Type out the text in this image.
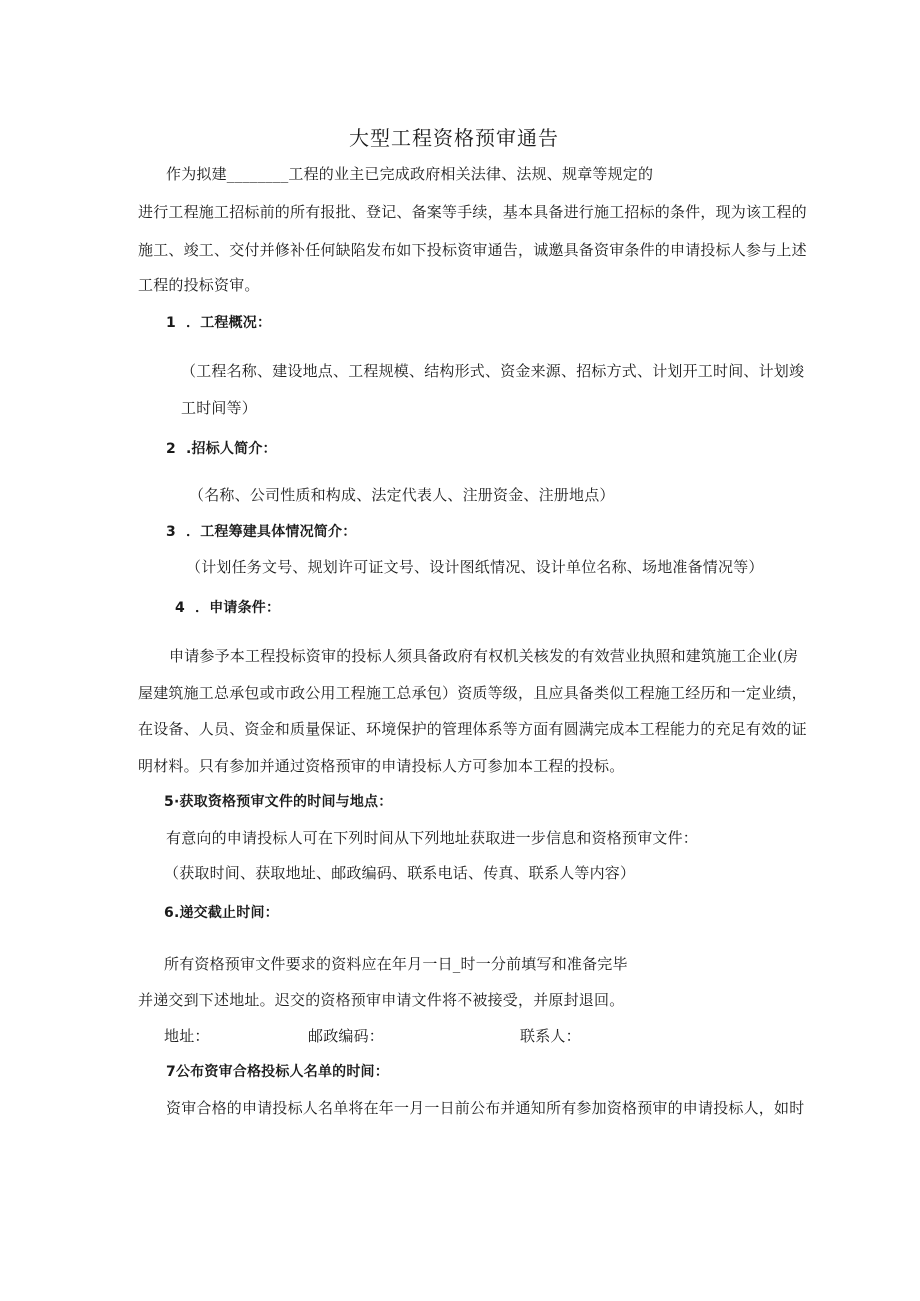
大型工程资格预审通告
作为拟建________工程的业主已完成政府相关法律、法规、规章等规定的
进行工程施工招标前的所有报批、登记、备案等手续，基本具备进行施工招标的条件，现为该工程的
施工、竣工、交付并修补任何缺陷发布如下投标资审通告，诚邀具备资审条件的申请投标人参与上述
工程的投标资审。
1 ．工程概况：
（工程名称、建设地点、工程规模、结构形式、资金来源、招标方式、计划开工时间、计划竣
工时间等）
2 .招标人简介：
（名称、公司性质和构成、法定代表人、注册资金、注册地点）
3 ．工程筹建具体情况简介：
（计划任务文号、规划许可证文号、设计图纸情况、设计单位名称、场地准备情况等）
4 ．申请条件：
申请参予本工程投标资审的投标人须具备政府有权机关核发的有效营业执照和建筑施工企业(房
屋建筑施工总承包或市政公用工程施工总承包）资质等级，且应具备类似工程施工经历和一定业绩，
在设备、人员、资金和质量保证、环境保护的管理体系等方面有圆满完成本工程能力的充足有效的证
明材料。只有参加并通过资格预审的申请投标人方可参加本工程的投标。
5·获取资格预审文件的时间与地点：
有意向的申请投标人可在下列时间从下列地址获取进一步信息和资格预审文件：
（获取时间、获取地址、邮政编码、联系电话、传真、联系人等内容）
6.递交截止时间：
所有资格预审文件要求的资料应在年月一日_时一分前填写和准备完毕
并递交到下述地址。迟交的资格预审申请文件将不被接受，并原封退回。
地址：	邮政编码：	联系人：
7公布资审合格投标人名单的时间：
资审合格的申请投标人名单将在年一月一日前公布并通知所有参加资格预审的申请投标人，如时
